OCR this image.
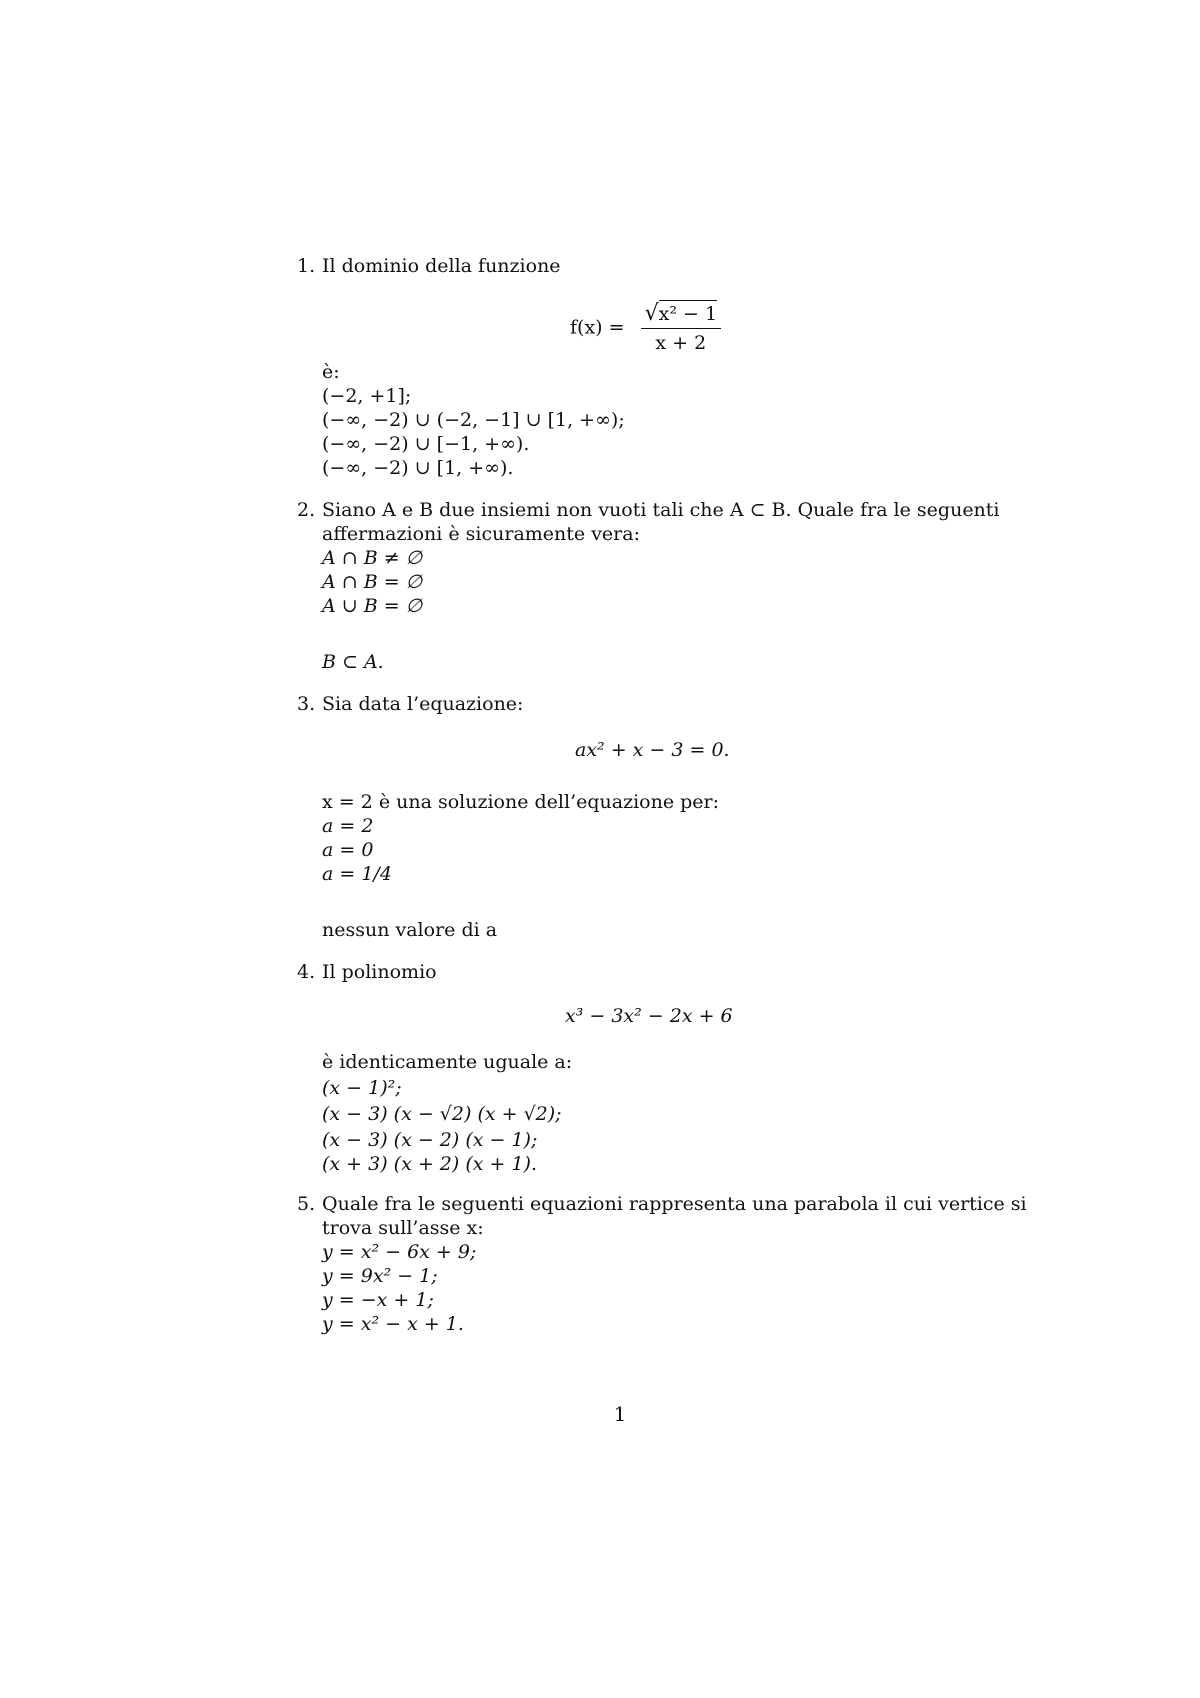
1. Il dominio della funzione
$f(x) = \frac{\text{√x² − 1}}{x + 2}$
è:
(−2, +1];
(−∞, −2) ∪ (−2, −1] ∪ [1, +∞);
(−∞, −2) ∪ [−1, +∞).
(−∞, −2) ∪ [1, +∞).
2. Siano A e B due insiemi non vuoti tali che A ⊂ B. Quale fra le seguenti
affermazioni è sicuramente vera:
A ∩ B ≠ ∅
A ∩ B = ∅
A ∪ B = ∅
B ⊂ A.
3. Sia data l’equazione:
ax² + x − 3 = 0.
x = 2 è una soluzione dell’equazione per:
a = 2
a = 0
a = 1/4
nessun valore di a
4. Il polinomio
x³ − 3x² − 2x + 6
è identicamente uguale a:
(x − 1)²;
(x − 3) (x − √2) (x + √2);
(x − 3) (x − 2) (x − 1);
(x + 3) (x + 2) (x + 1).
5. Quale fra le seguenti equazioni rappresenta una parabola il cui vertice si
trova sull’asse x:
y = x² − 6x + 9;
y = 9x² − 1;
y = −x + 1;
y = x² − x + 1.
1
